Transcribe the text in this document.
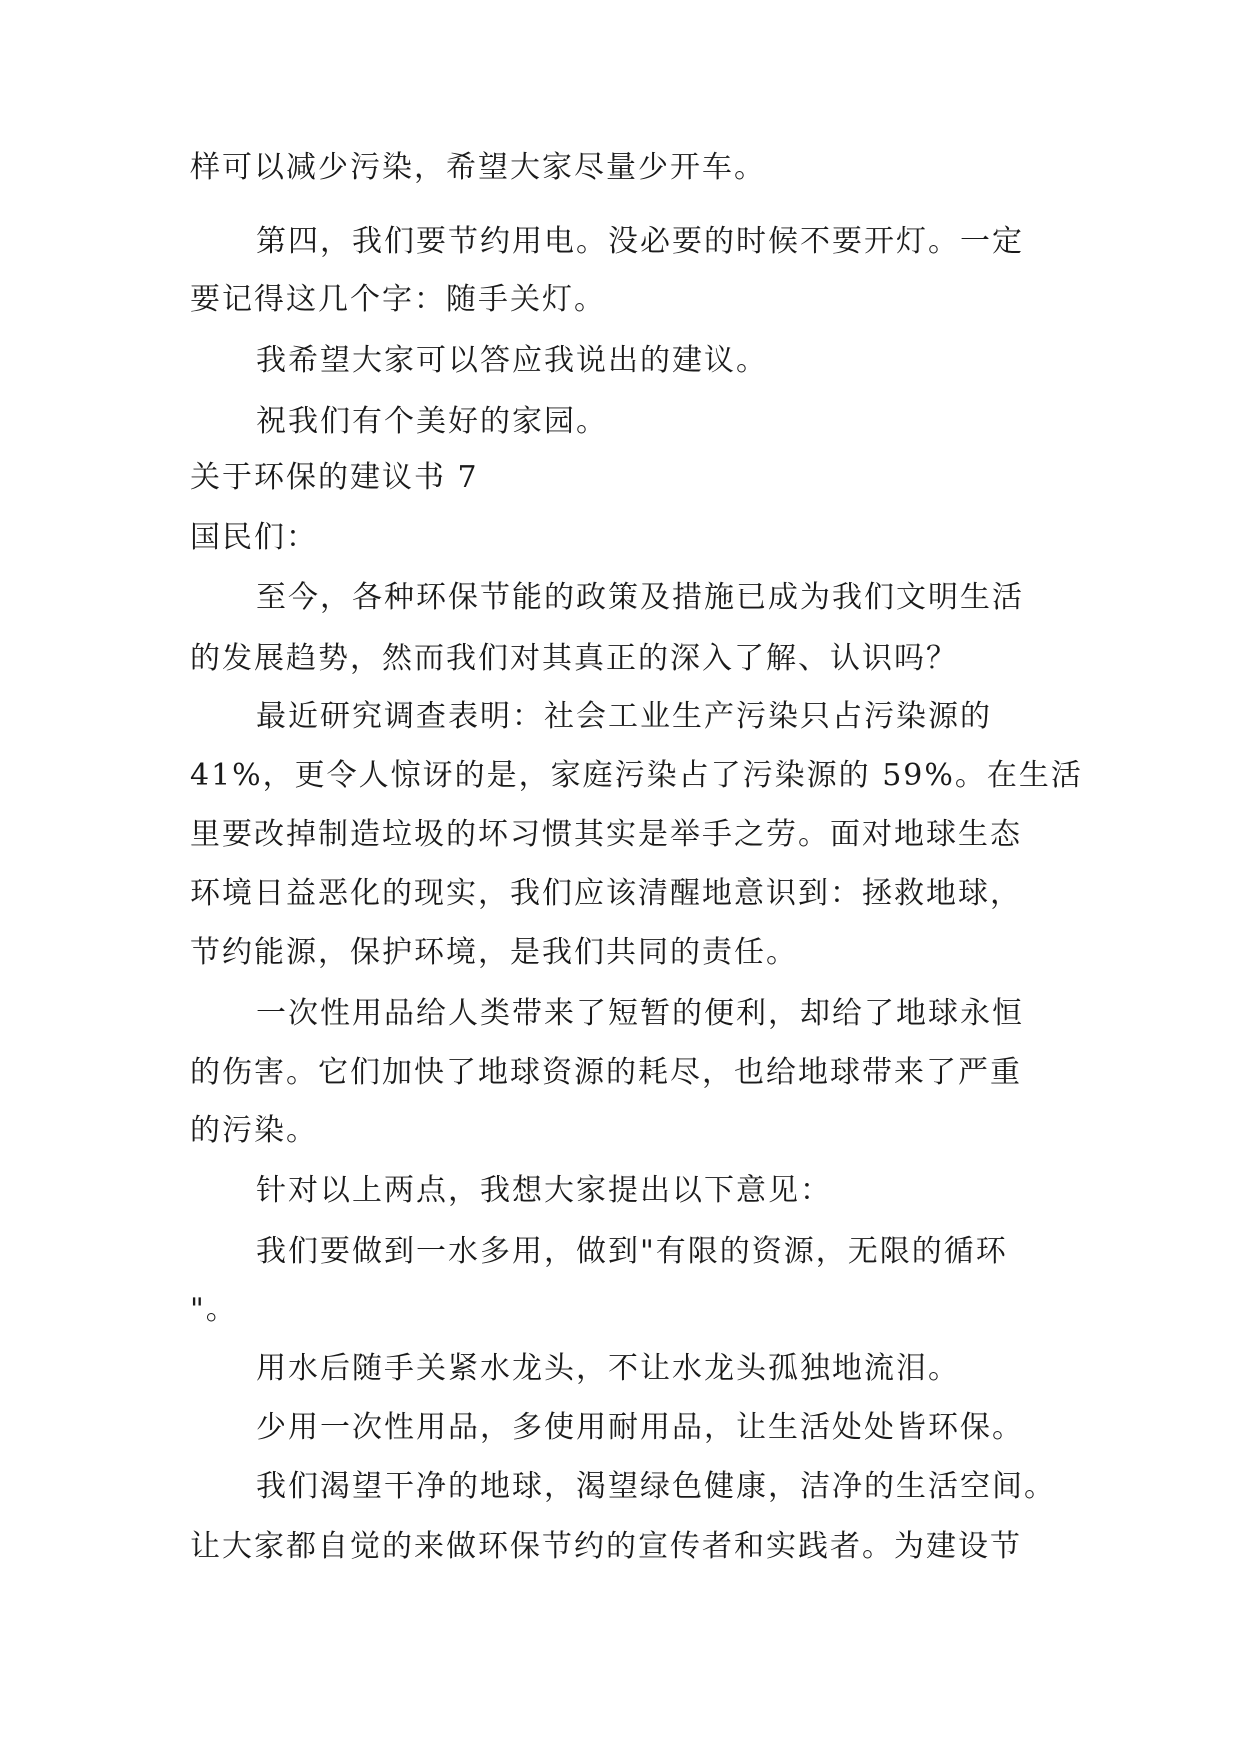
样可以减少污染，希望大家尽量少开车。
第四，我们要节约用电。没必要的时候不要开灯。一定
要记得这几个字：随手关灯。
我希望大家可以答应我说出的建议。
祝我们有个美好的家园。
关于环保的建议书 7
国民们：
至今，各种环保节能的政策及措施已成为我们文明生活
的发展趋势，然而我们对其真正的深入了解、认识吗？
最近研究调查表明：社会工业生产污染只占污染源的
41%，更令人惊讶的是，家庭污染占了污染源的 59%。在生活
里要改掉制造垃圾的坏习惯其实是举手之劳。面对地球生态
环境日益恶化的现实，我们应该清醒地意识到：拯救地球，
节约能源，保护环境，是我们共同的责任。
一次性用品给人类带来了短暂的便利，却给了地球永恒
的伤害。它们加快了地球资源的耗尽，也给地球带来了严重
的污染。
针对以上两点，我想大家提出以下意见：
我们要做到一水多用，做到"有限的资源，无限的循环
"。
用水后随手关紧水龙头，不让水龙头孤独地流泪。
少用一次性用品，多使用耐用品，让生活处处皆环保。
我们渴望干净的地球，渴望绿色健康，洁净的生活空间。
让大家都自觉的来做环保节约的宣传者和实践者。为建设节
